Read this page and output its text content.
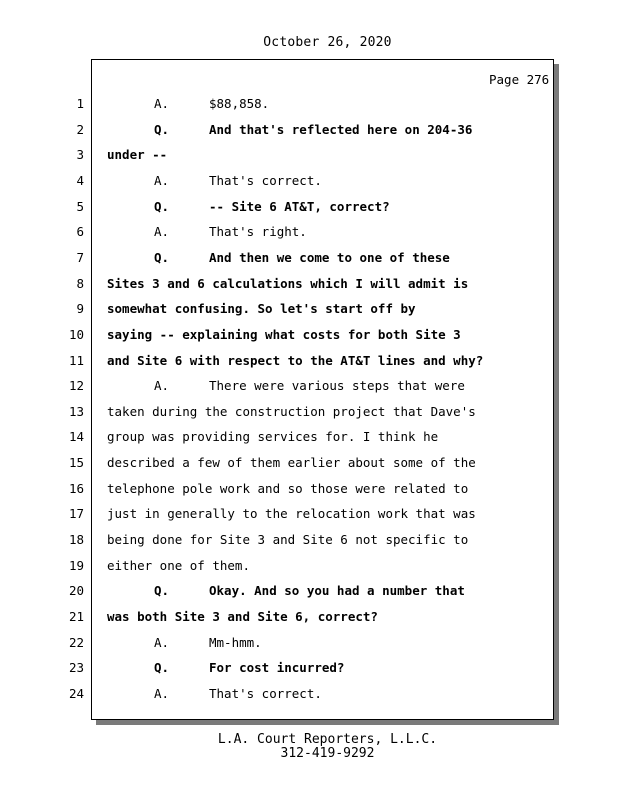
October 26, 2020
Page 276
1	A.	$88,858.
2	Q.	And that's reflected here on 204-36
3 under --
4	A.	That's correct.
5	Q.	-- Site 6 AT&T, correct?
6	A.	That's right.
7	Q.	And then we come to one of these
8 Sites 3 and 6 calculations which I will admit is
9 somewhat confusing. So let's start off by
10 saying -- explaining what costs for both Site 3
11 and Site 6 with respect to the AT&T lines and why?
12	A.	There were various steps that were
13 taken during the construction project that Dave's
14 group was providing services for. I think he
15 described a few of them earlier about some of the
16 telephone pole work and so those were related to
17 just in generally to the relocation work that was
18 being done for Site 3 and Site 6 not specific to
19 either one of them.
20	Q.	Okay. And so you had a number that
21 was both Site 3 and Site 6, correct?
22	A.	Mm-hmm.
23	Q.	For cost incurred?
24	A.	That's correct.
L.A. Court Reporters, L.L.C.
312-419-9292
